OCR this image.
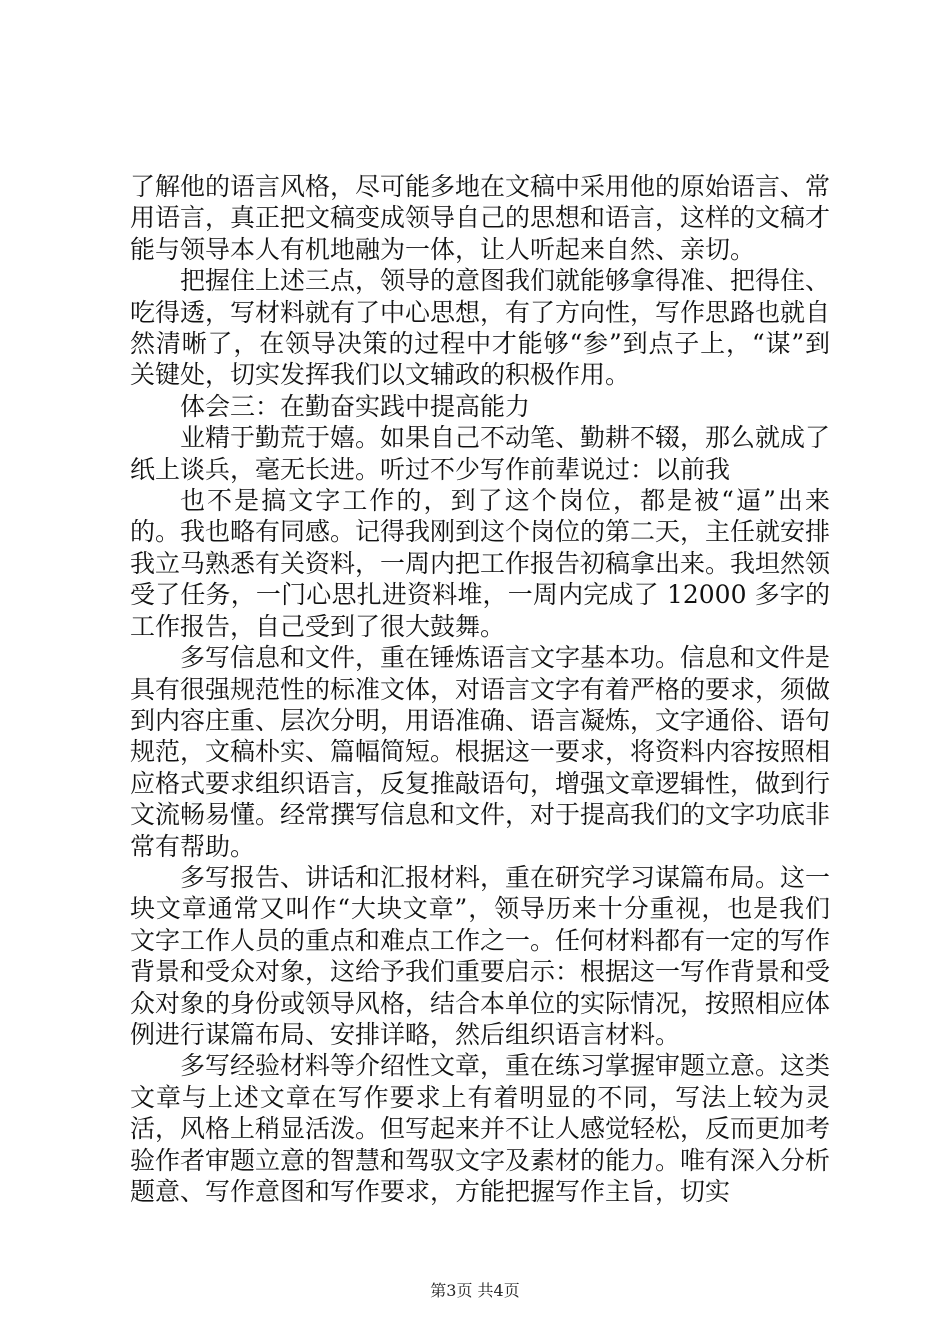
了解他的语言风格，尽可能多地在文稿中采用他的原始语言、常用语言，真正把文稿变成领导自己的思想和语言，这样的文稿才能与领导本人有机地融为一体，让人听起来自然、亲切。

把握住上述三点，领导的意图我们就能够拿得准、把得住、吃得透，写材料就有了中心思想，有了方向性，写作思路也就自然清晰了，在领导决策的过程中才能够“参”到点子上，“谋”到关键处，切实发挥我们以文辅政的积极作用。

体会三：在勤奋实践中提高能力

业精于勤荒于嬉。如果自己不动笔、勤耕不辍，那么就成了纸上谈兵，毫无长进。听过不少写作前辈说过：以前我

也不是搞文字工作的，到了这个岗位，都是被“逼”出来的。我也略有同感。记得我刚到这个岗位的第二天，主任就安排我立马熟悉有关资料，一周内把工作报告初稿拿出来。我坦然领受了任务，一门心思扎进资料堆，一周内完成了 12000 多字的工作报告，自己受到了很大鼓舞。

多写信息和文件，重在锤炼语言文字基本功。信息和文件是具有很强规范性的标准文体，对语言文字有着严格的要求，须做到内容庄重、层次分明，用语准确、语言凝炼，文字通俗、语句规范，文稿朴实、篇幅简短。根据这一要求，将资料内容按照相应格式要求组织语言，反复推敲语句，增强文章逻辑性，做到行文流畅易懂。经常撰写信息和文件，对于提高我们的文字功底非常有帮助。

多写报告、讲话和汇报材料，重在研究学习谋篇布局。这一块文章通常又叫作“大块文章”，领导历来十分重视，也是我们文字工作人员的重点和难点工作之一。任何材料都有一定的写作背景和受众对象，这给予我们重要启示：根据这一写作背景和受众对象的身份或领导风格，结合本单位的实际情况，按照相应体例进行谋篇布局、安排详略，然后组织语言材料。

多写经验材料等介绍性文章，重在练习掌握审题立意。这类文章与上述文章在写作要求上有着明显的不同，写法上较为灵活，风格上稍显活泼。但写起来并不让人感觉轻松，反而更加考验作者审题立意的智慧和驾驭文字及素材的能力。唯有深入分析题意、写作意图和写作要求，方能把握写作主旨，切实

第3页 共4页
